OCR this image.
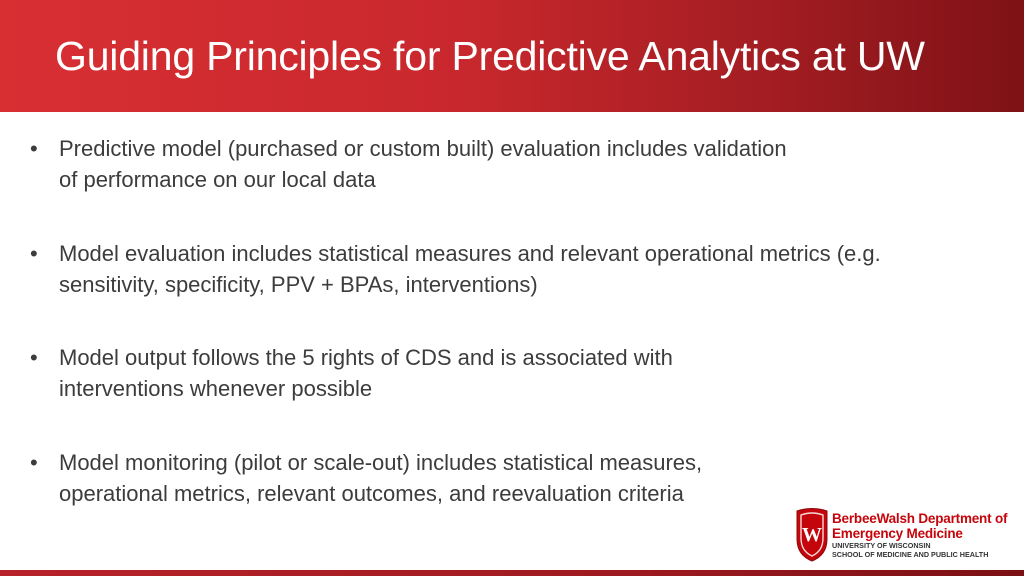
Guiding Principles for Predictive Analytics at UW
• Predictive model (purchased or custom built) evaluation includes validation
of performance on our local data
• Model evaluation includes statistical measures and relevant operational metrics (e.g.
sensitivity, specificity, PPV + BPAs, interventions)
• Model output follows the 5 rights of CDS and is associated with
interventions whenever possible
• Model monitoring (pilot or scale-out) includes statistical measures,
operational metrics, relevant outcomes, and reevaluation criteria
W
BerbeeWalsh Department of
Emergency Medicine
UNIVERSITY OF WISCONSIN
SCHOOL OF MEDICINE AND PUBLIC HEALTH
